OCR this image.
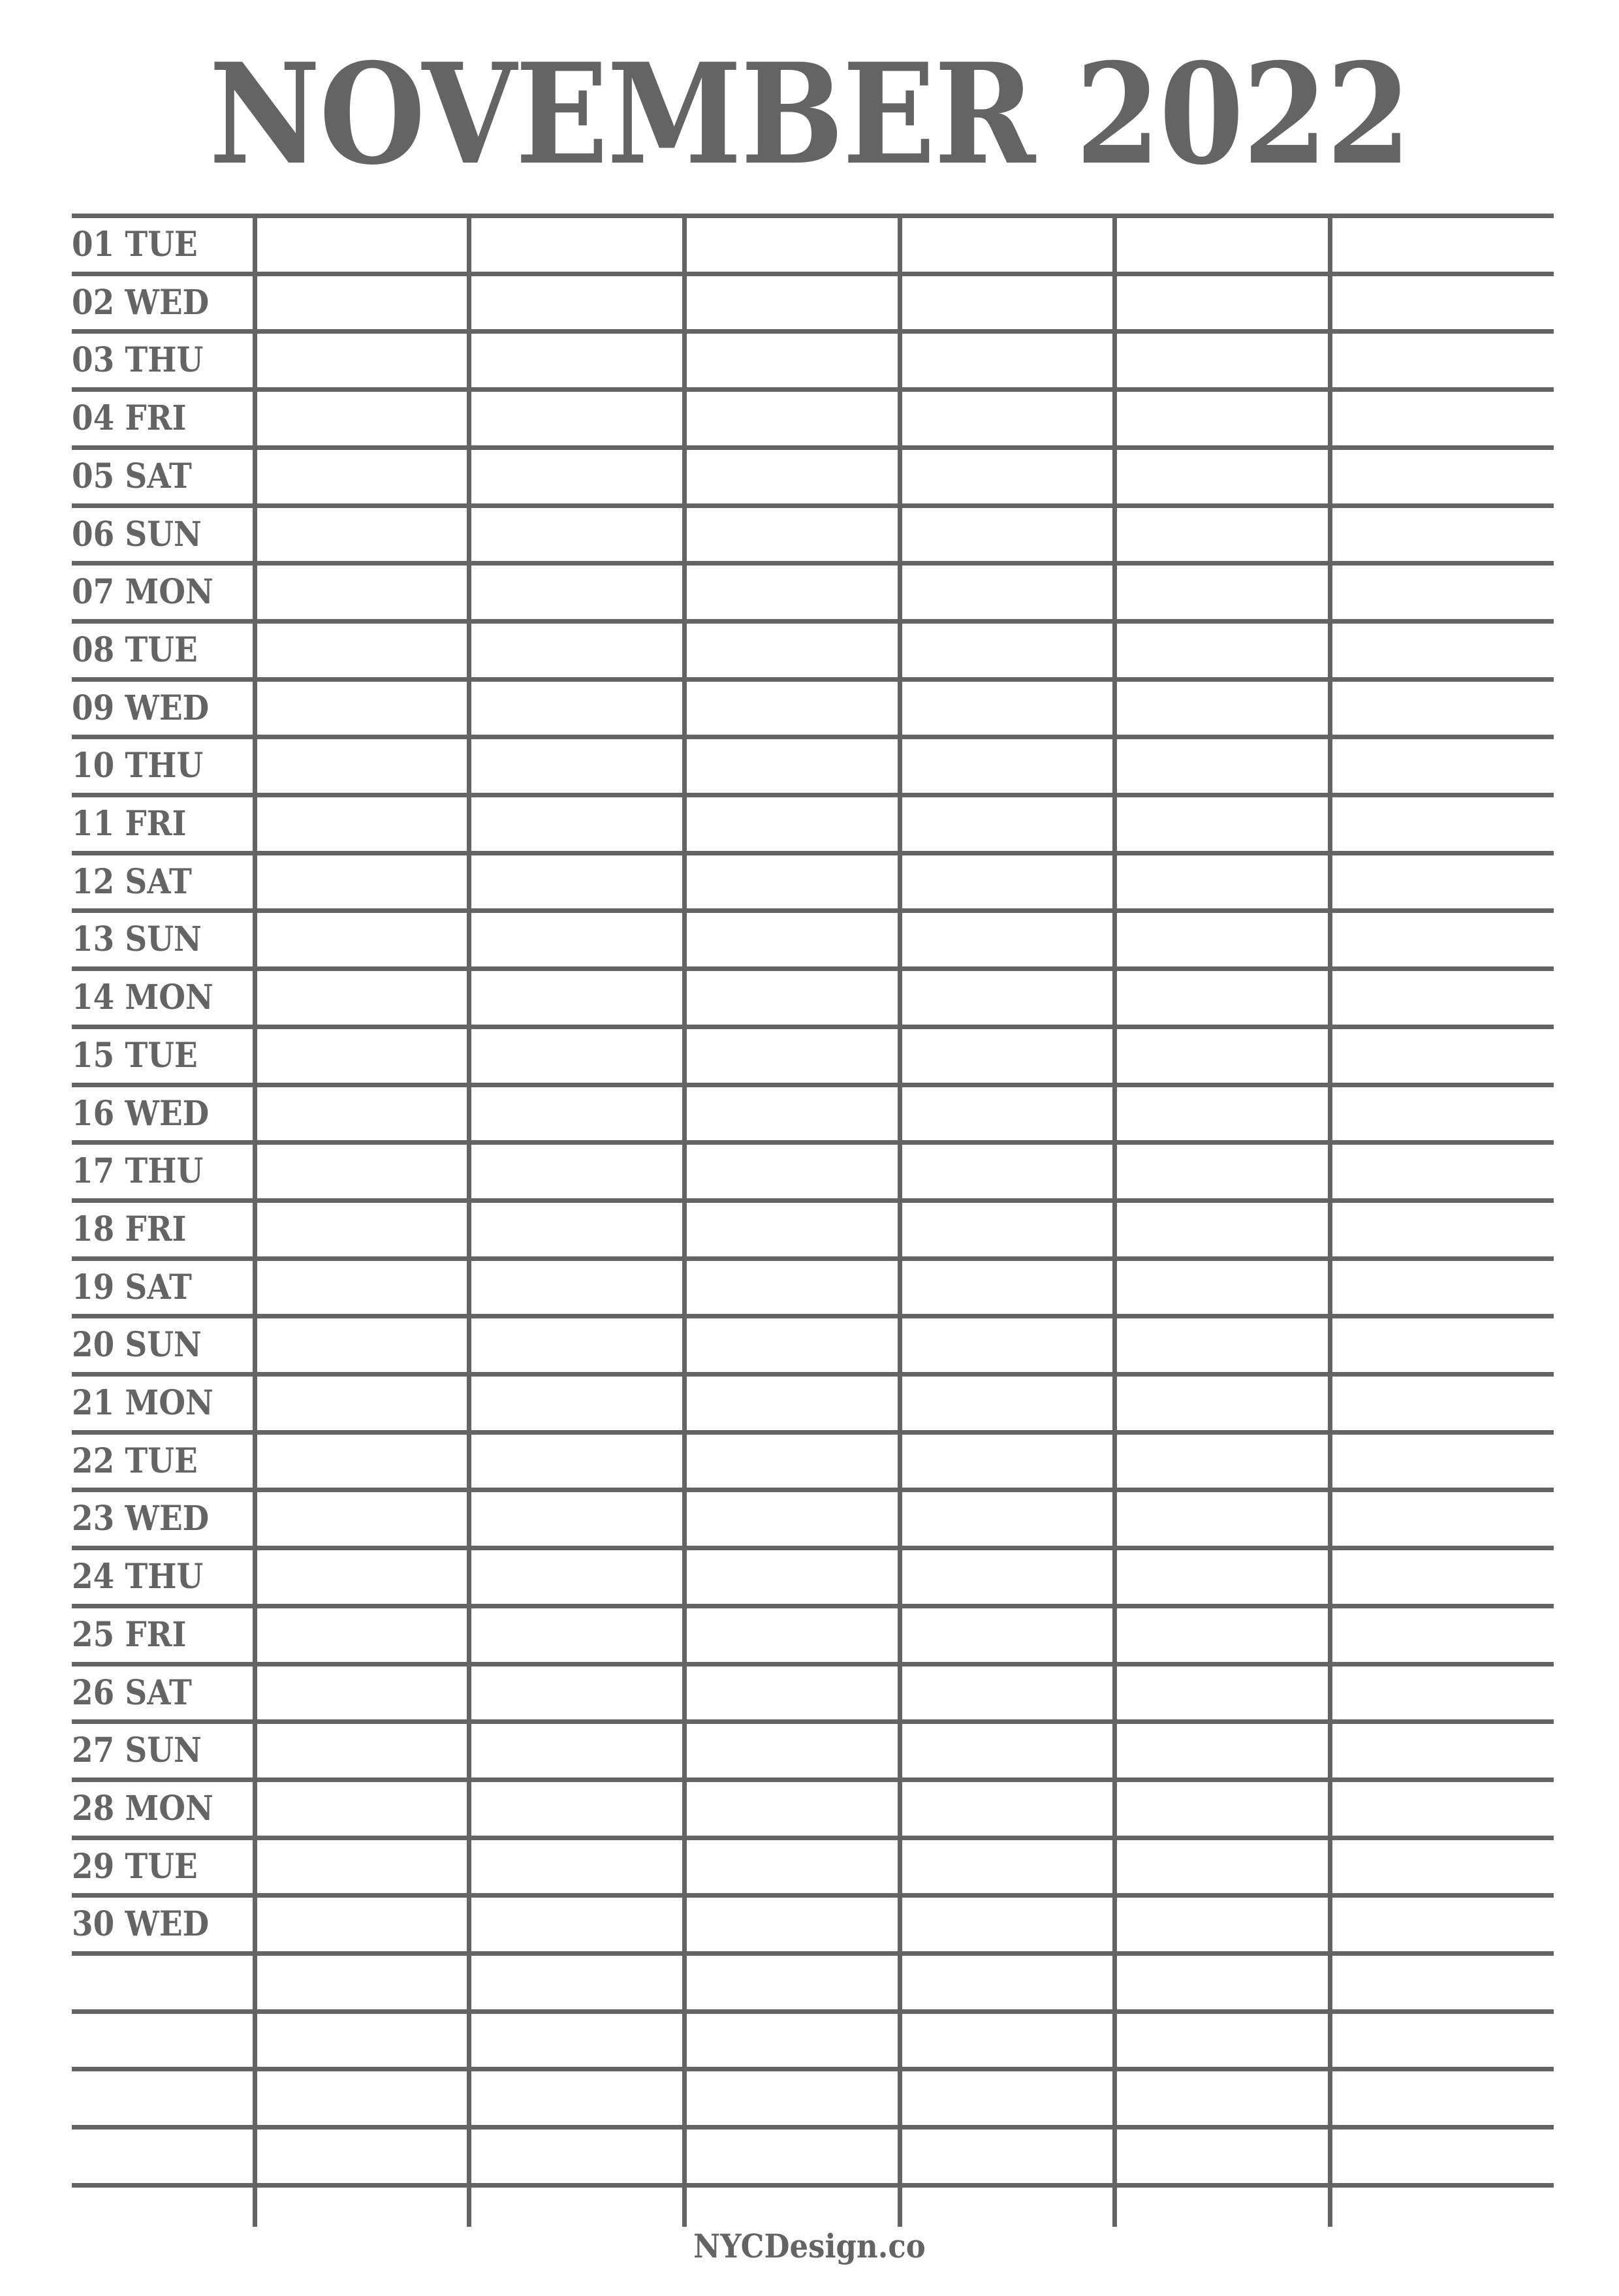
NOVEMBER 2022
01 TUE
02 WED
03 THU
04 FRI
05 SAT
06 SUN
07 MON
08 TUE
09 WED
10 THU
11 FRI
12 SAT
13 SUN
14 MON
15 TUE
16 WED
17 THU
18 FRI
19 SAT
20 SUN
21 MON
22 TUE
23 WED
24 THU
25 FRI
26 SAT
27 SUN
28 MON
29 TUE
30 WED
NYCDesign.co
